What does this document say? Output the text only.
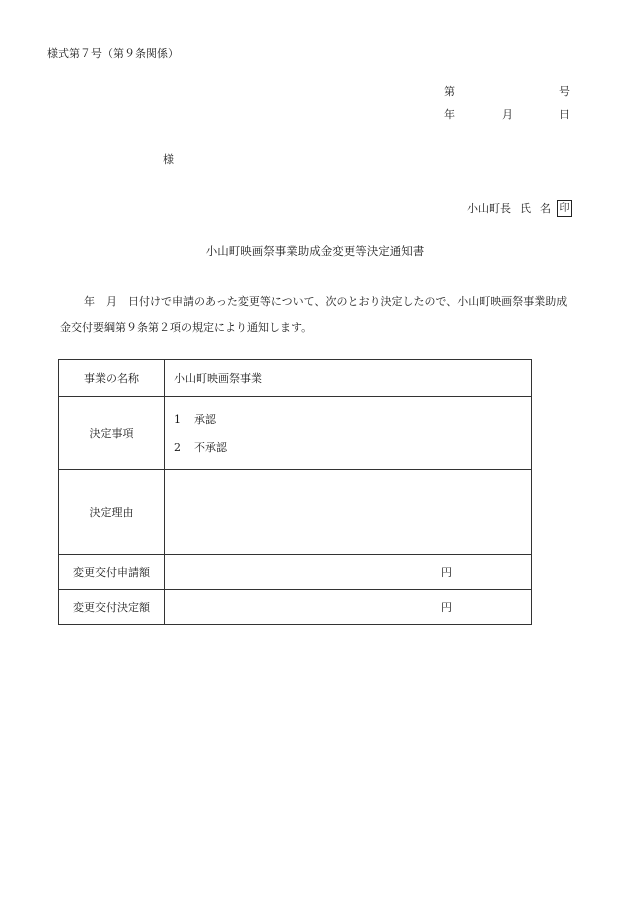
様式第７号（第９条関係）
第	号
年	月	日
様
小山町長 氏 名 印
小山町映画祭事業助成金変更等決定通知書

年　月　日付けで申請のあった変更等について、次のとおり決定したので、小山町映画祭事業助成金交付要綱第９条第２項の規定により通知します。

事業の名称	小山町映画祭事業
決定事項	1 承認
2 不承認

決定理由	
変更交付申請額	円

変更交付決定額	円
